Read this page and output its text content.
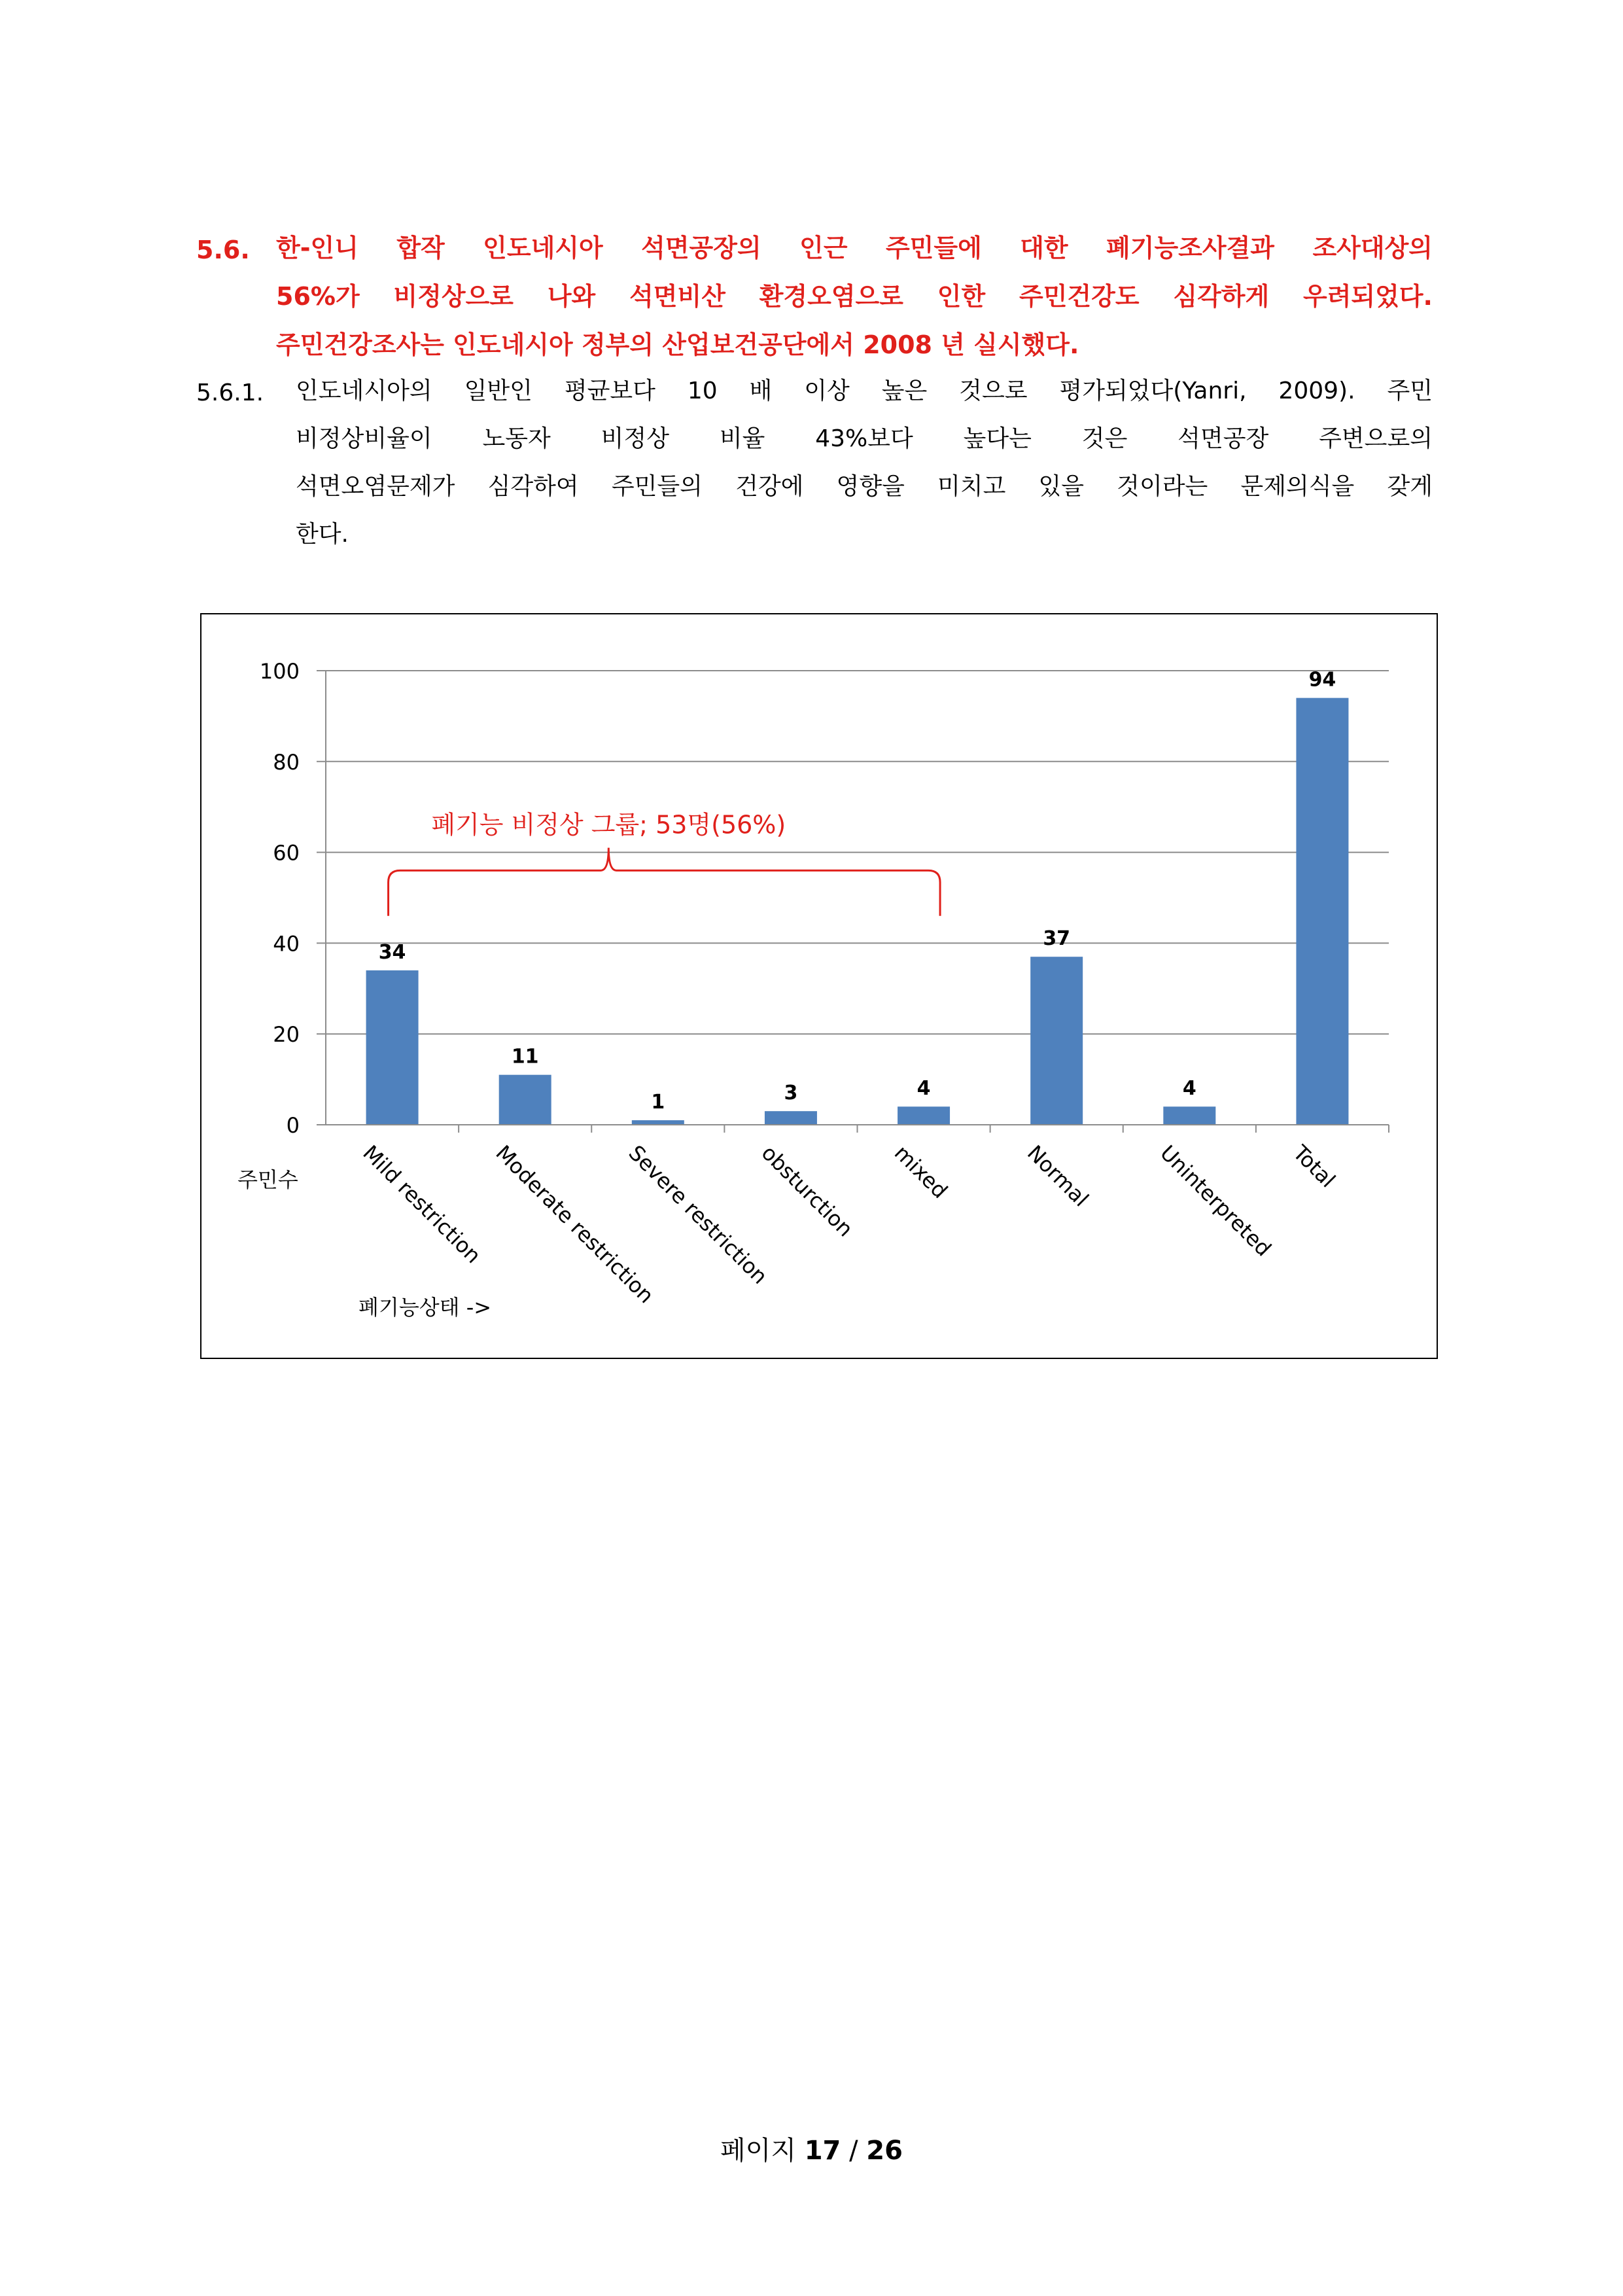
5.6. 한-인니 합작 인도네시아 석면공장의 인근 주민들에 대한 폐기능조사결과 조사대상의
56%가 비정상으로 나와 석면비산 환경오염으로 인한 주민건강도 심각하게 우려되었다.
주민건강조사는 인도네시아 정부의 산업보건공단에서 2008 년 실시했다.
5.6.1. 인도네시아의 일반인 평균보다 10 배 이상 높은 것으로 평가되었다(Yanri, 2009). 주민
비정상비율이 노동자 비정상 비율 43%보다 높다는 것은 석면공장 주변으로의
석면오염문제가 심각하여 주민들의 건강에 영향을 미치고 있을 것이라는 문제의식을 갖게
한다.
34
Mild restriction
11
Moderate restriction
1
Severe restriction
3
obsturction
4
mixed
37
Normal
4
Uninterpreted
94
Total
0
20
40
60
80
100
주민수
폐기능상태 ->
폐기능 비정상 그룹; 53명(56%)
페이지 17 / 26
